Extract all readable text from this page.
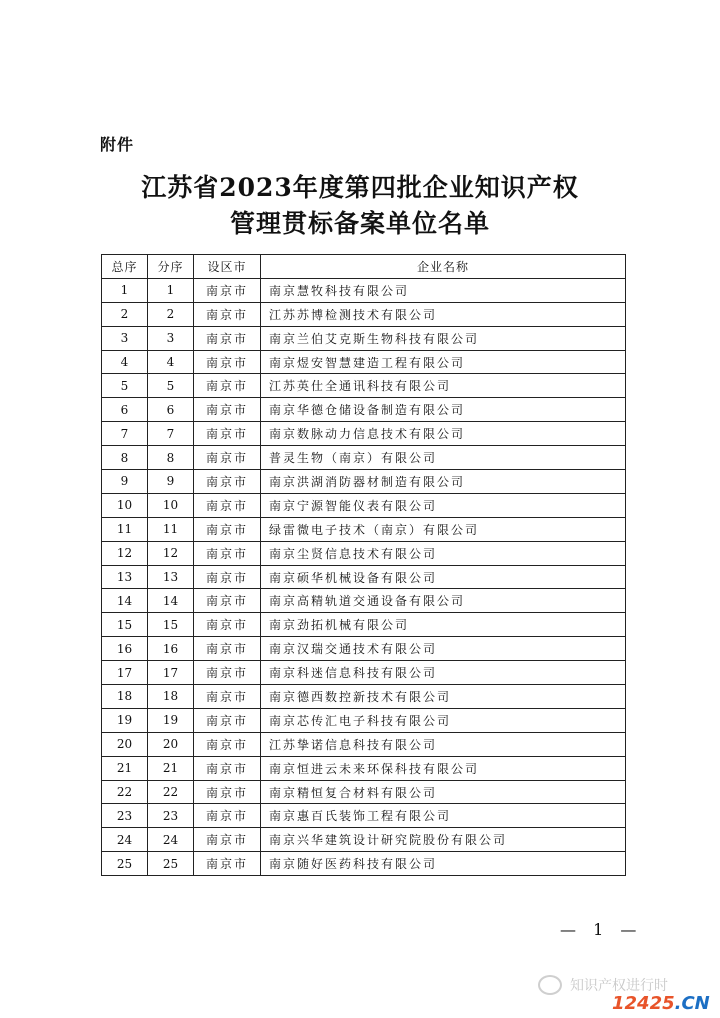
附件
江苏省2023年度第四批企业知识产权
管理贯标备案单位名单
总序	分序	设区市	企业名称
1	1	南京市	南京慧牧科技有限公司
2	2	南京市	江苏苏博检测技术有限公司
3	3	南京市	南京兰伯艾克斯生物科技有限公司
4	4	南京市	南京煜安智慧建造工程有限公司
5	5	南京市	江苏英仕全通讯科技有限公司
6	6	南京市	南京华德仓储设备制造有限公司
7	7	南京市	南京数脉动力信息技术有限公司
8	8	南京市	普灵生物（南京）有限公司
9	9	南京市	南京洪湖消防器材制造有限公司
10	10	南京市	南京宁源智能仪表有限公司
11	11	南京市	绿雷微电子技术（南京）有限公司
12	12	南京市	南京尘贤信息技术有限公司
13	13	南京市	南京硕华机械设备有限公司
14	14	南京市	南京高精轨道交通设备有限公司
15	15	南京市	南京劲拓机械有限公司
16	16	南京市	南京汉瑞交通技术有限公司
17	17	南京市	南京科迷信息科技有限公司
18	18	南京市	南京德西数控新技术有限公司
19	19	南京市	南京芯传汇电子科技有限公司
20	20	南京市	江苏挚诺信息科技有限公司
21	21	南京市	南京恒进云未来环保科技有限公司
22	22	南京市	南京精恒复合材料有限公司
23	23	南京市	南京惠百氏装饰工程有限公司
24	24	南京市	南京兴华建筑设计研究院股份有限公司
25	25	南京市	南京随好医药科技有限公司
— 1 —
知识产权进行时
12425.CN
